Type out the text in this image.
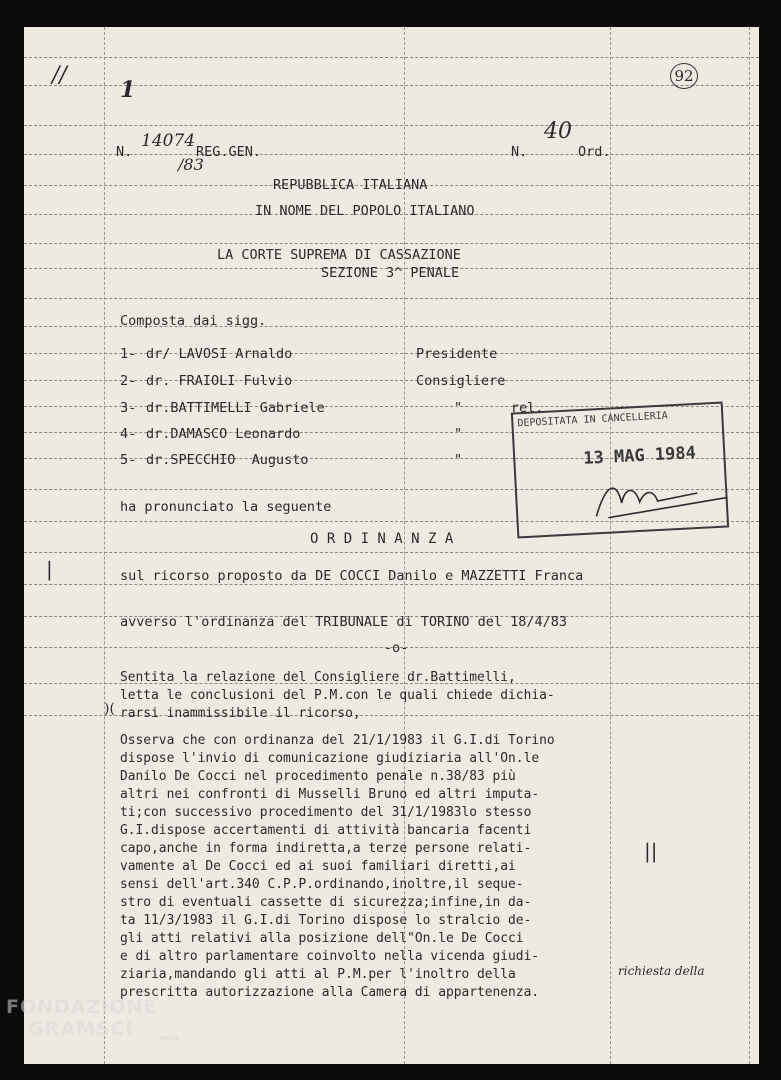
92
//
1
N.
14074
/83
REG.GEN.	N.
40
Ord.
REPUBBLICA ITALIANA
IN NOME DEL POPOLO ITALIANO
LA CORTE SUPREMA DI CASSAZIONE
SEZIONE 3^ PENALE
Composta dai sigg.
1- dr/ LAVOSI Arnaldo	Presidente
2- dr. FRAIOLI Fulvio	Consigliere
3- dr.BATTIMELLI Gabriele	"      rel.
4- dr.DAMASCO Leonardo	"
5- dr.SPECCHIO  Augusto	"
DEPOSITATA IN CANCELLERIA
13 MAG 1984
ha pronunciato la seguente
O R D I N A N Z A
|	sul ricorso proposto da DE COCCI Danilo e MAZZETTI Franca
avverso l'ordinanza del TRIBUNALE di TORINO del 18/4/83
-o-
)(
Sentita la relazione del Consigliere dr.Battimelli,
letta le conclusioni del P.M.con le quali chiede dichia-
rarsi inammissibile il ricorso,
Osserva che con ordinanza del 21/1/1983 il G.I.di Torino
dispose l'invio di comunicazione giudiziaria all'On.le
Danilo De Cocci nel procedimento penale n.38/83 più
altri nei confronti di Musselli Bruno ed altri imputa-
ti;con successivo procedimento del 31/1/1983lo stesso
G.I.dispose accertamenti di attività bancaria facenti
capo,anche in forma indiretta,a terze persone relati-
vamente al De Cocci ed ai suoi familiari diretti,ai
sensi dell'art.340 C.P.P.ordinando,inoltre,il seque-
stro di eventuali cassette di sicurezza;infine,in da-
ta 11/3/1983 il G.I.di Torino dispose lo stralcio de-
gli atti relativi alla posizione dell"On.le De Cocci
e di altro parlamentare coinvolto nella vicenda giudi-
ziaria,mandando gli atti al P.M.per l'inoltro della
prescritta autorizzazione alla Camera di appartenenza.
||
richiesta della
FONDAZIONE
GRAMSCI	onlus
